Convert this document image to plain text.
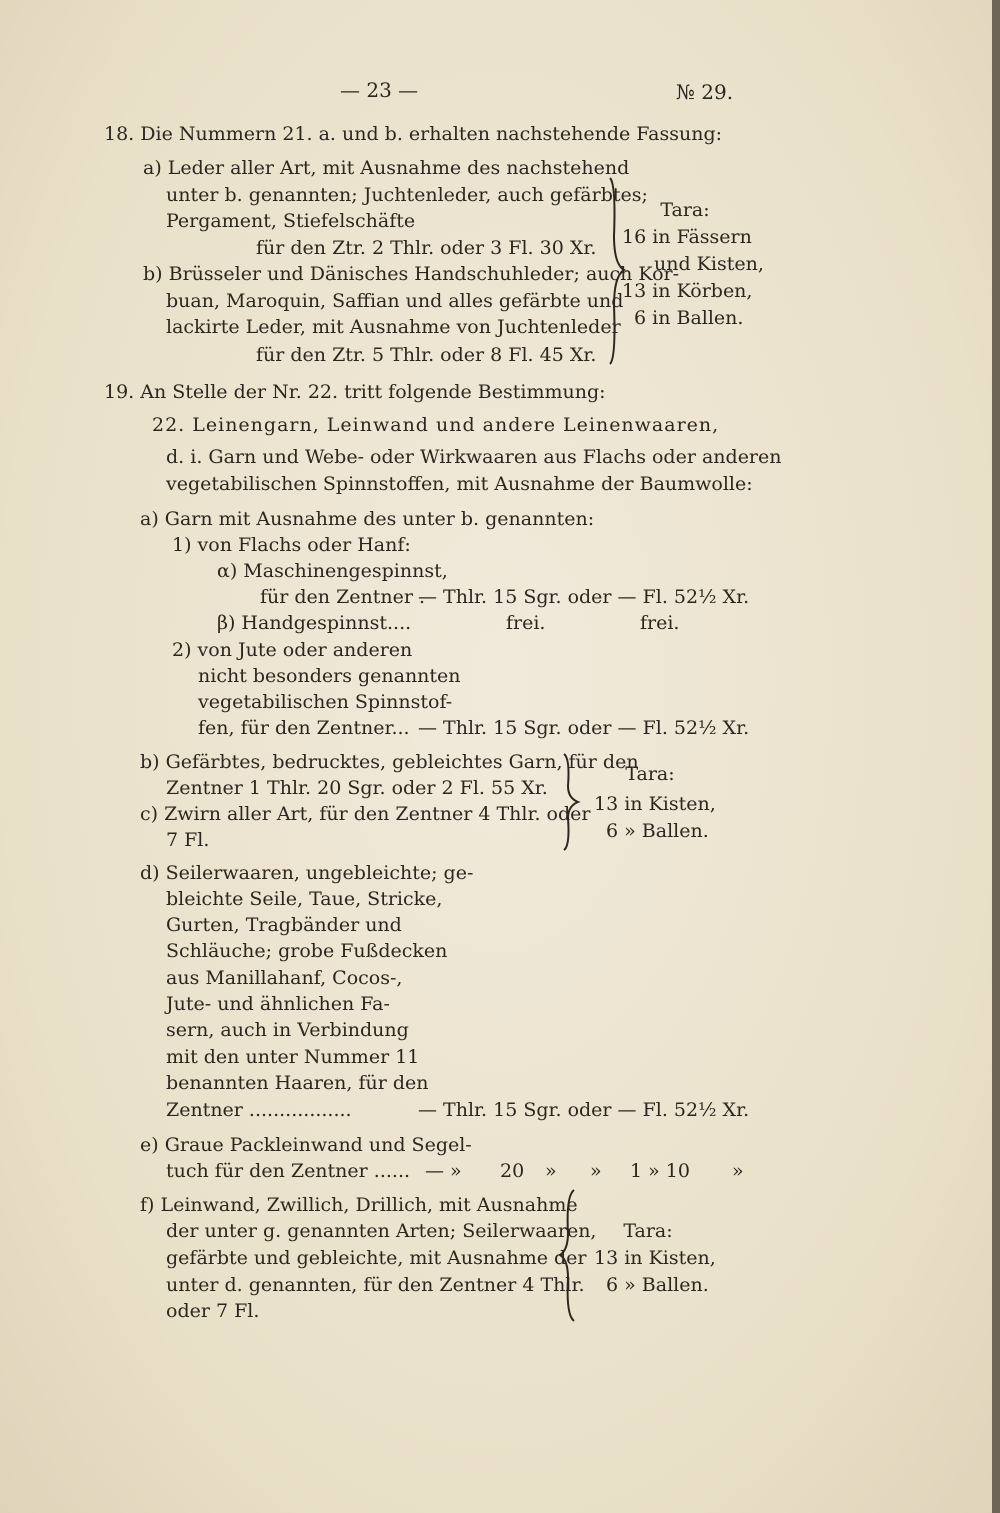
— 23 —	№ 29.
18. Die Nummern 21. a. und b. erhalten nachstehende Fassung:
a) Leder aller Art, mit Ausnahme des nachstehend
unter b. genannten; Juchtenleder, auch gefärbtes;
Pergament, Stiefelschäfte
für den Ztr. 2 Thlr. oder 3 Fl. 30 Xr.
b) Brüsseler und Dänisches Handschuhleder; auch Kor-
buan, Maroquin, Saffian und alles gefärbte und
lackirte Leder, mit Ausnahme von Juchtenleder
für den Ztr. 5 Thlr. oder 8 Fl. 45 Xr.
Tara:
16 in Fässern
und Kisten,
13 in Körben,
6 in Ballen.
19. An Stelle der Nr. 22. tritt folgende Bestimmung:
22. Leinengarn, Leinwand und andere Leinenwaaren,
d. i. Garn und Webe- oder Wirkwaaren aus Flachs oder anderen
vegetabilischen Spinnstoffen, mit Ausnahme der Baumwolle:
a) Garn mit Ausnahme des unter b. genannten:
1) von Flachs oder Hanf:
α) Maschinengespinnst,
für den Zentner .
— Thlr. 15 Sgr. oder — Fl. 52½ Xr.
β) Handgespinnst....	frei.	frei.
2) von Jute oder anderen
nicht besonders genannten
vegetabilischen Spinnstof-
fen, für den Zentner... — Thlr. 15 Sgr. oder — Fl. 52½ Xr.
b) Gefärbtes, bedrucktes, gebleichtes Garn, für den
Zentner 1 Thlr. 20 Sgr. oder 2 Fl. 55 Xr.
c) Zwirn aller Art, für den Zentner 4 Thlr. oder
7 Fl.
Tara:
13 in Kisten,
6 » Ballen.
d) Seilerwaaren, ungebleichte; ge-
bleichte Seile, Taue, Stricke,
Gurten, Tragbänder und
Schläuche; grobe Fußdecken
aus Manillahanf, Cocos-,
Jute- und ähnlichen Fa-
sern, auch in Verbindung
mit den unter Nummer 11
benannten Haaren, für den
Zentner .................	— Thlr. 15 Sgr. oder — Fl. 52½ Xr.
e) Graue Packleinwand und Segel-
tuch für den Zentner ...... — » 20 » » 1 » 10 »
f) Leinwand, Zwillich, Drillich, mit Ausnahme
der unter g. genannten Arten; Seilerwaaren,
gefärbte und gebleichte, mit Ausnahme der
unter d. genannten, für den Zentner 4 Thlr.
oder 7 Fl.
Tara:
13 in Kisten,
6 » Ballen.
